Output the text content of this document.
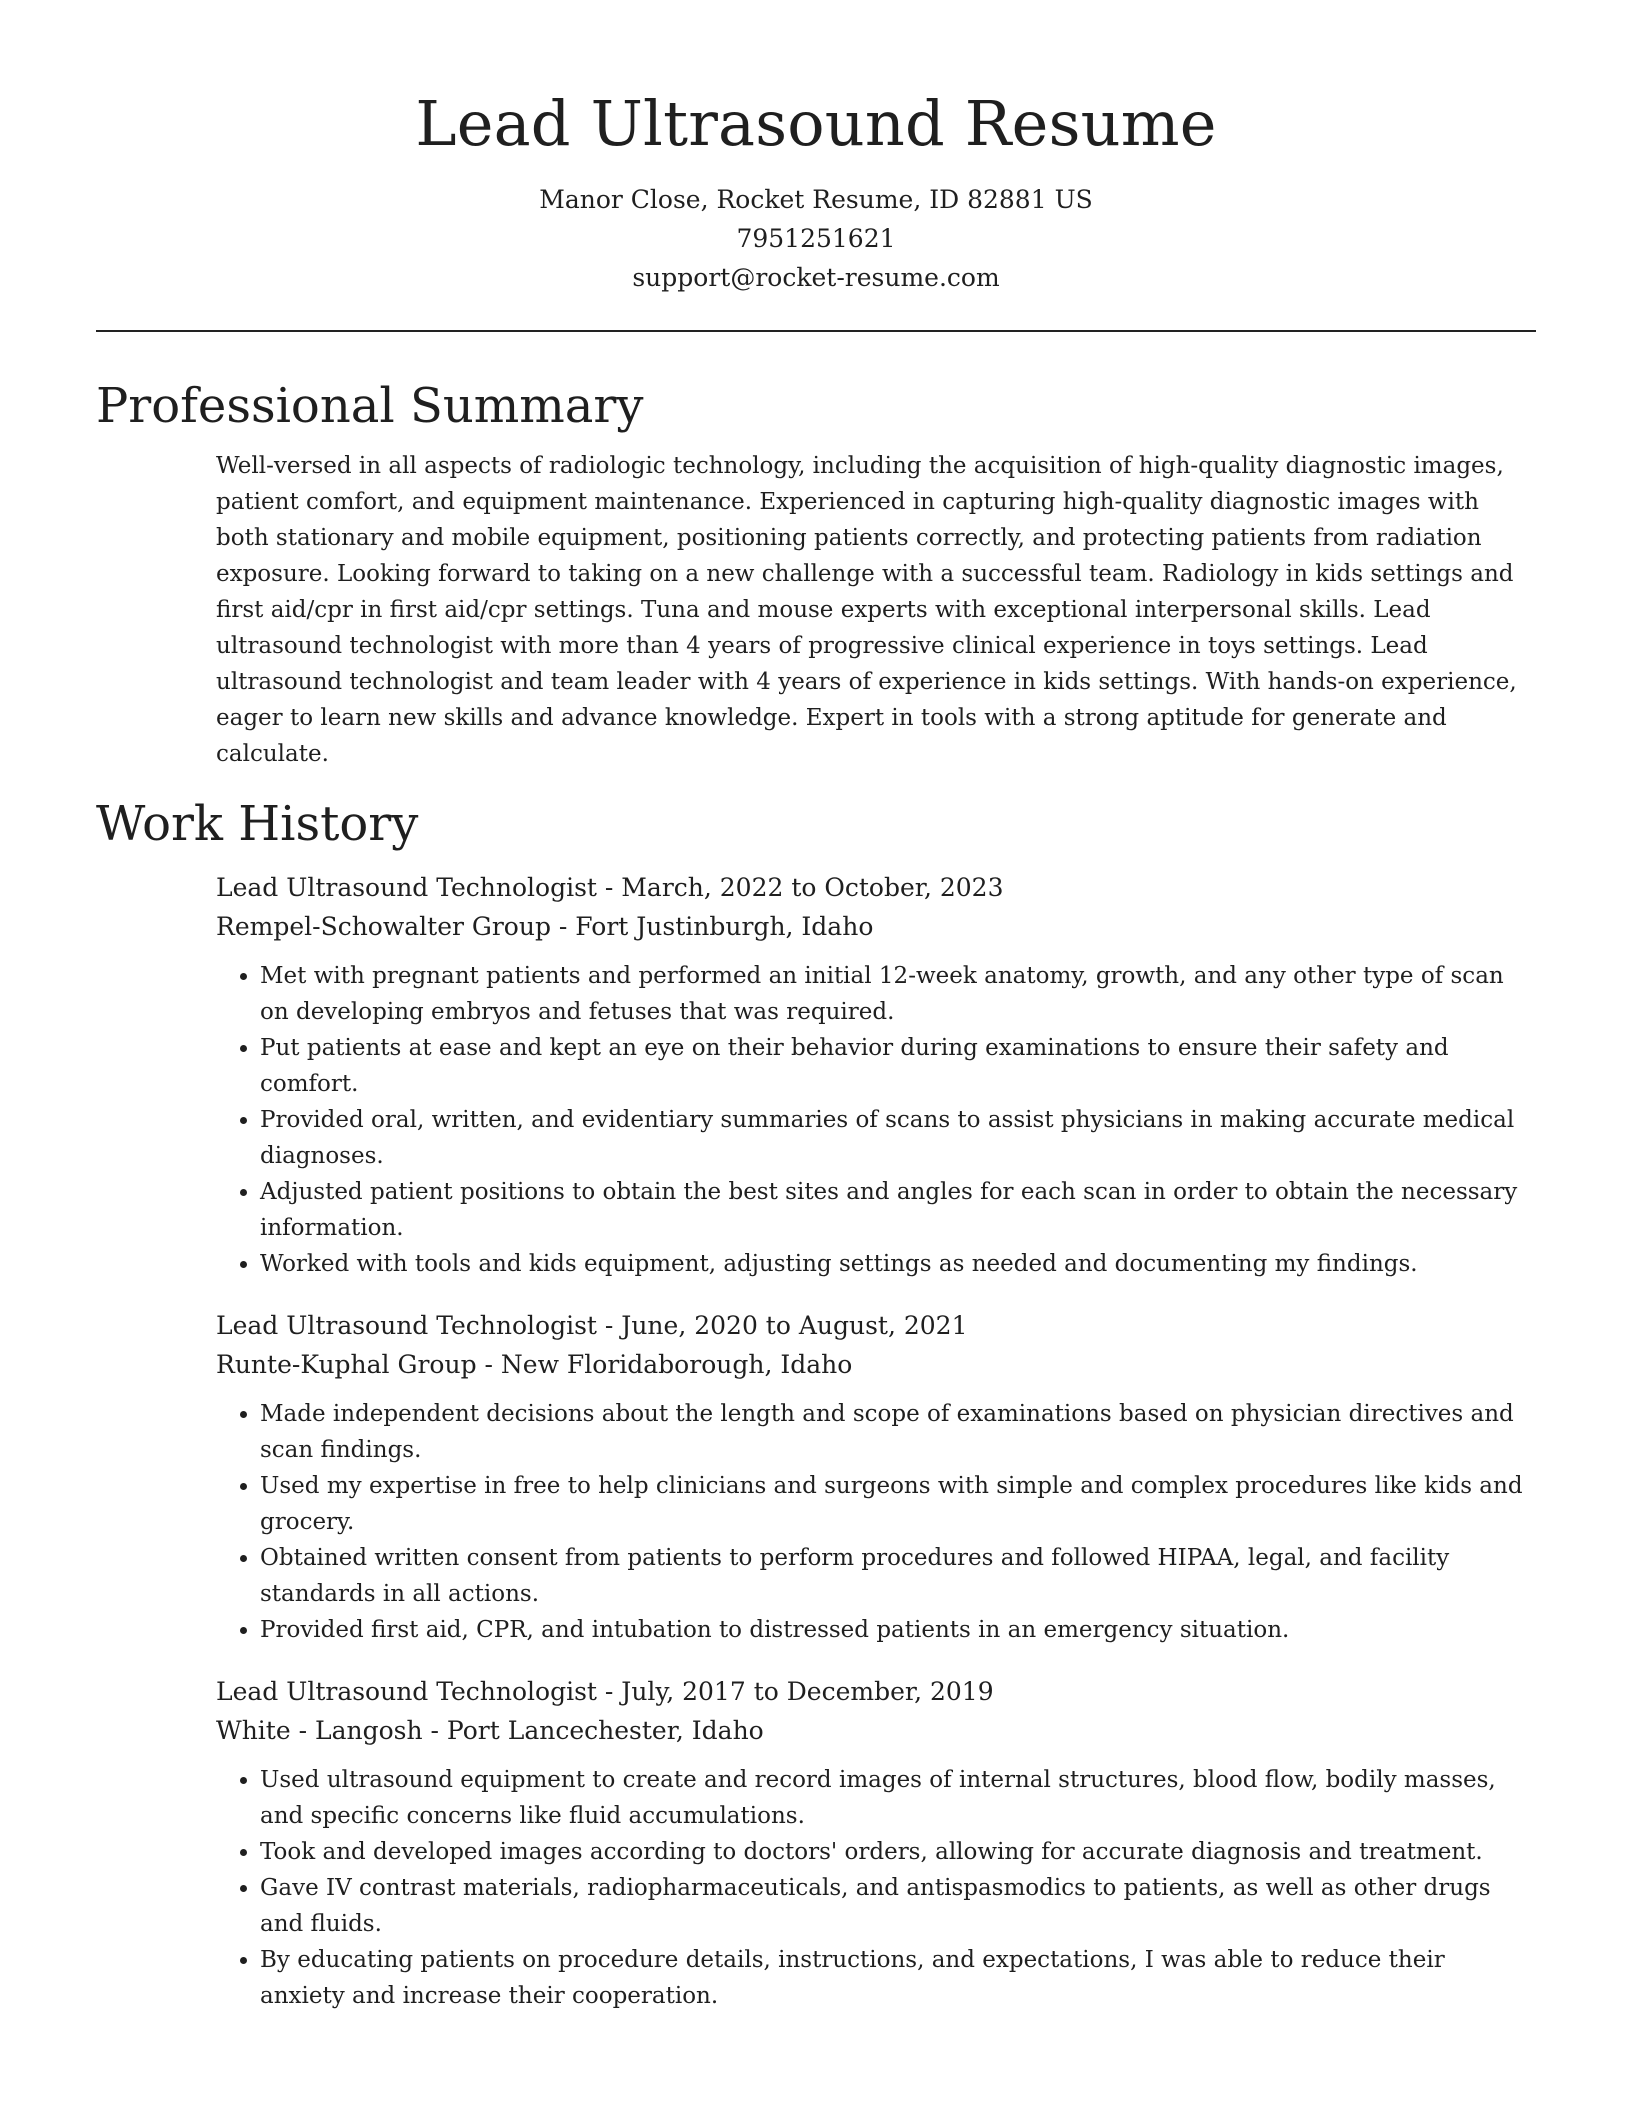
Lead Ultrasound Resume
Manor Close, Rocket Resume, ID 82881 US
7951251621
support@rocket-resume.com
Professional Summary
Well-versed in all aspects of radiologic technology, including the acquisition of high-quality diagnostic images, patient comfort, and equipment maintenance. Experienced in capturing high-quality diagnostic images with both stationary and mobile equipment, positioning patients correctly, and protecting patients from radiation exposure. Looking forward to taking on a new challenge with a successful team. Radiology in kids settings and first aid/cpr in first aid/cpr settings. Tuna and mouse experts with exceptional interpersonal skills. Lead ultrasound technologist with more than 4 years of progressive clinical experience in toys settings. Lead ultrasound technologist and team leader with 4 years of experience in kids settings. With hands-on experience, eager to learn new skills and advance knowledge. Expert in tools with a strong aptitude for generate and calculate.
Work History
Lead Ultrasound Technologist - March, 2022 to October, 2023
Rempel-Schowalter Group - Fort Justinburgh, Idaho
• Met with pregnant patients and performed an initial 12-week anatomy, growth, and any other type of scan on developing embryos and fetuses that was required.
• Put patients at ease and kept an eye on their behavior during examinations to ensure their safety and comfort.
• Provided oral, written, and evidentiary summaries of scans to assist physicians in making accurate medical diagnoses.
• Adjusted patient positions to obtain the best sites and angles for each scan in order to obtain the necessary information.
• Worked with tools and kids equipment, adjusting settings as needed and documenting my findings.
Lead Ultrasound Technologist - June, 2020 to August, 2021
Runte-Kuphal Group - New Floridaborough, Idaho
• Made independent decisions about the length and scope of examinations based on physician directives and scan findings.
• Used my expertise in free to help clinicians and surgeons with simple and complex procedures like kids and grocery.
• Obtained written consent from patients to perform procedures and followed HIPAA, legal, and facility standards in all actions.
• Provided first aid, CPR, and intubation to distressed patients in an emergency situation.
Lead Ultrasound Technologist - July, 2017 to December, 2019
White - Langosh - Port Lancechester, Idaho
• Used ultrasound equipment to create and record images of internal structures, blood flow, bodily masses, and specific concerns like fluid accumulations.
• Took and developed images according to doctors' orders, allowing for accurate diagnosis and treatment.
• Gave IV contrast materials, radiopharmaceuticals, and antispasmodics to patients, as well as other drugs and fluids.
• By educating patients on procedure details, instructions, and expectations, I was able to reduce their anxiety and increase their cooperation.
